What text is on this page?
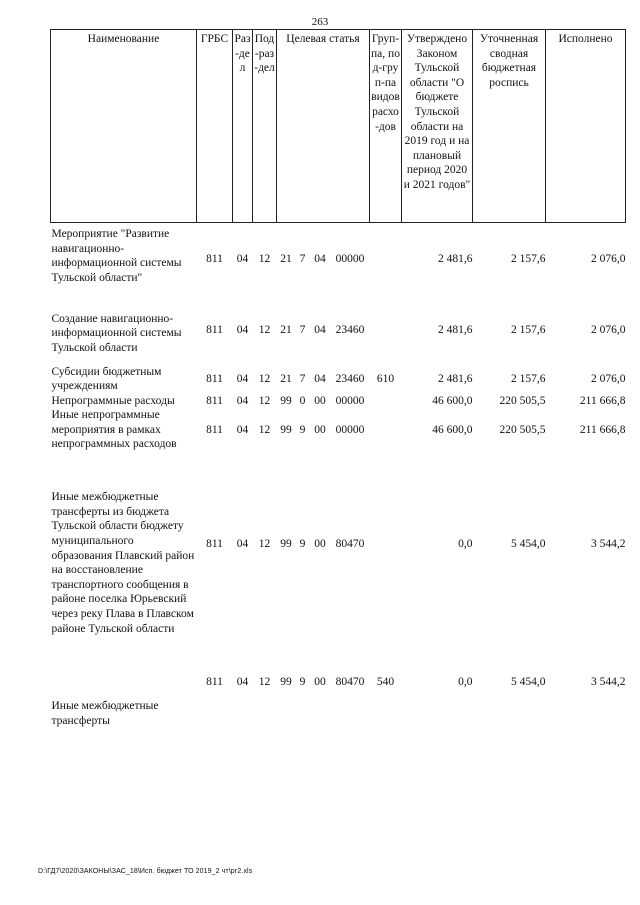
263
Наименование	ГРБС	Раз-дел	Под-раз-дел	Целевая статья				Груп-па, под-груп-па видов расхо-дов	Утверждено Законом Тульской области "О бюджете Тульской области на 2019 год и на плановый период 2020 и 2021 годов"	Уточненная сводная бюджетная роспись	Исполнено
Мероприятие "Развитие навигационно-информационной системы Тульской области"	811	04	12	21	7	04	00000		2 481,6	2 157,6	2 076,0
Создание навигационно-информационной системы Тульской области	811	04	12	21	7	04	23460		2 481,6	2 157,6	2 076,0
Субсидии бюджетным учреждениям	811	04	12	21	7	04	23460	610	2 481,6	2 157,6	2 076,0
Непрограммные расходы	811	04	12	99	0	00	00000		46 600,0	220 505,5	211 666,8
Иные непрограммные мероприятия в рамках непрограммных расходов	811	04	12	99	9	00	00000		46 600,0	220 505,5	211 666,8
Иные межбюджетные трансферты из бюджета Тульской области бюджету муниципального образования Плавский район на восстановление транспортного сообщения в районе поселка Юрьевский через реку Плава в Плавском районе Тульской области	811	04	12	99	9	00	80470		0,0	5 454,0	3 544,2
Иные межбюджетные трансферты	811	04	12	99	9	00	80470	540	0,0	5 454,0	3 544,2
D:\ГД7\2020\ЗАКОНЫ\ЗАС_18\Исп. бюджет ТО 2019_2 чт\рг2.xls
